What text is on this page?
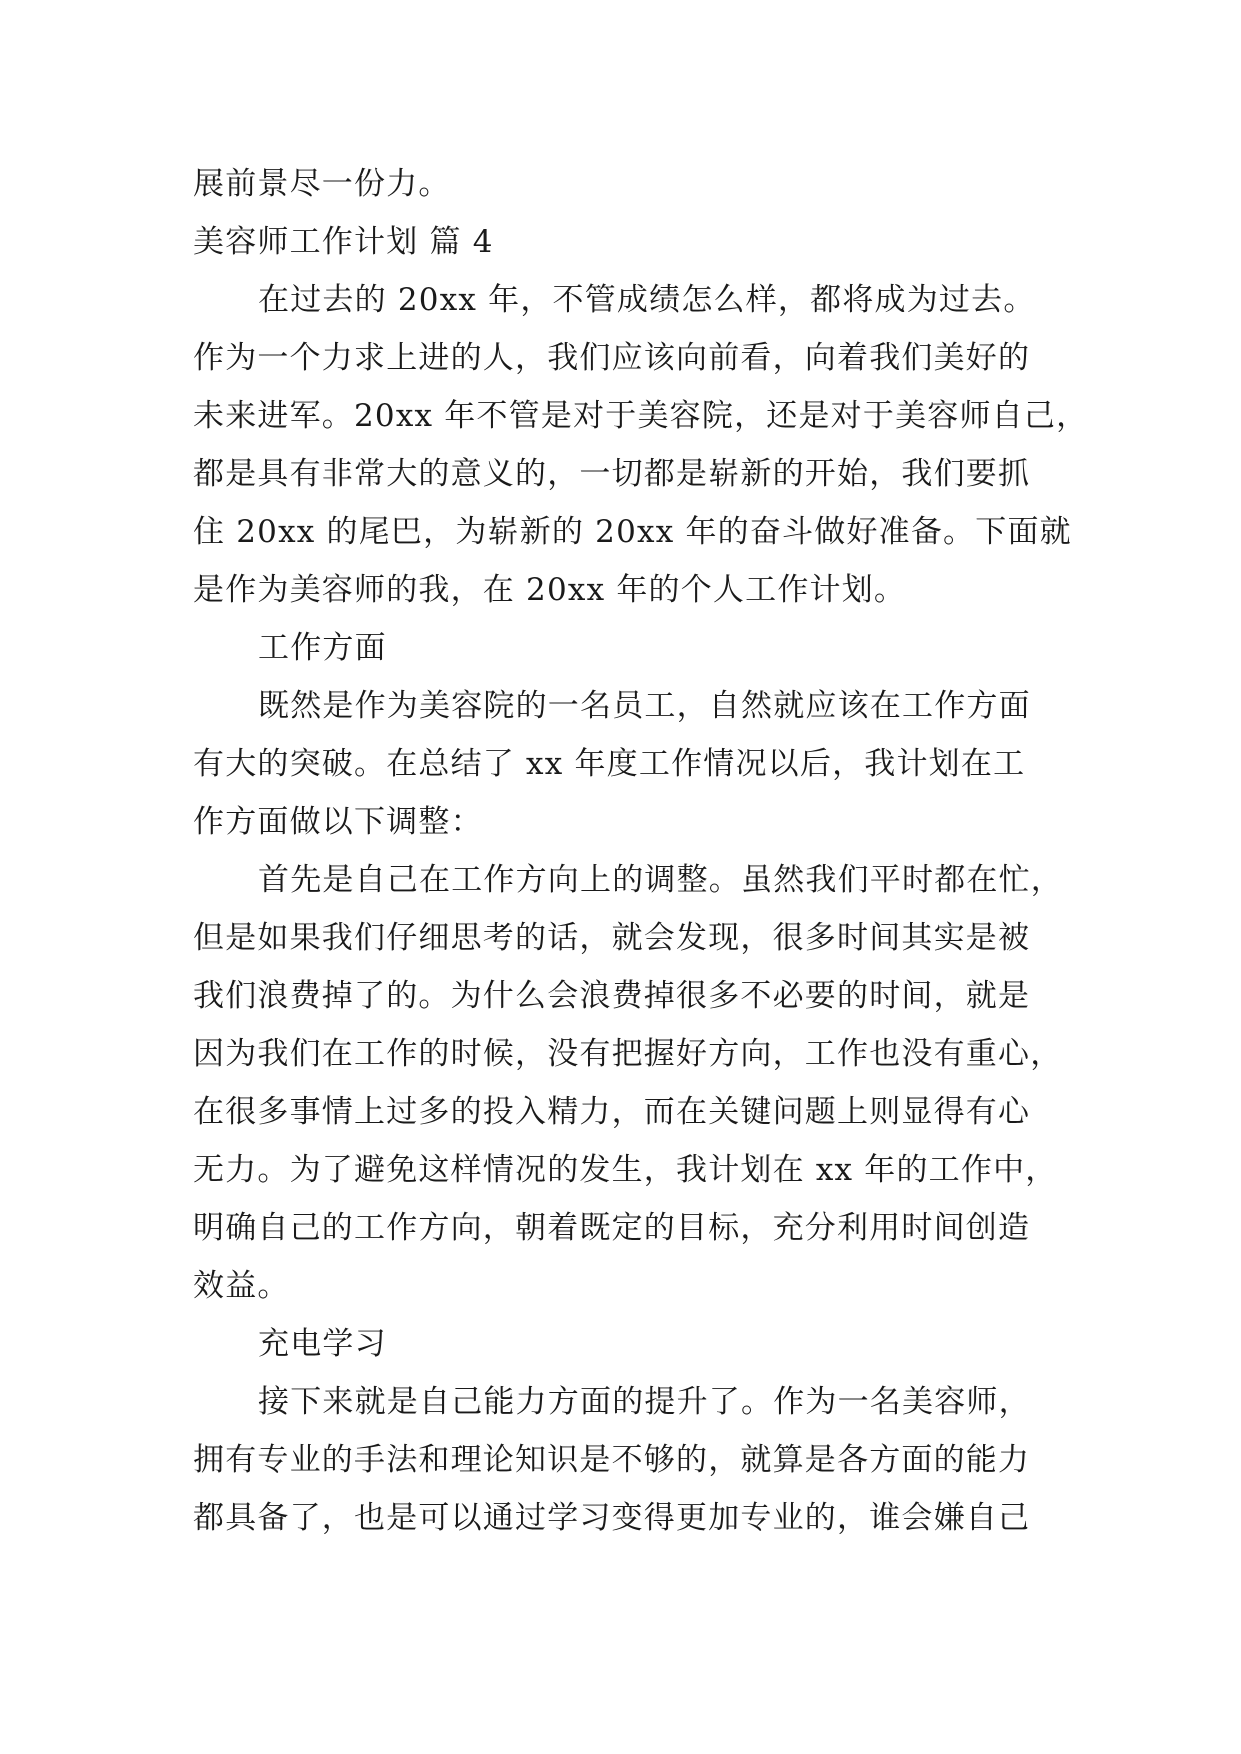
展前景尽一份力。
美容师工作计划 篇 4
在过去的 20xx 年，不管成绩怎么样，都将成为过去。
作为一个力求上进的人，我们应该向前看，向着我们美好的
未来进军。20xx 年不管是对于美容院，还是对于美容师自己，
都是具有非常大的意义的，一切都是崭新的开始，我们要抓
住 20xx 的尾巴，为崭新的 20xx 年的奋斗做好准备。下面就
是作为美容师的我，在 20xx 年的个人工作计划。
工作方面
既然是作为美容院的一名员工，自然就应该在工作方面
有大的突破。在总结了 xx 年度工作情况以后，我计划在工
作方面做以下调整：
首先是自己在工作方向上的调整。虽然我们平时都在忙，
但是如果我们仔细思考的话，就会发现，很多时间其实是被
我们浪费掉了的。为什么会浪费掉很多不必要的时间，就是
因为我们在工作的时候，没有把握好方向，工作也没有重心，
在很多事情上过多的投入精力，而在关键问题上则显得有心
无力。为了避免这样情况的发生，我计划在 xx 年的工作中，
明确自己的工作方向，朝着既定的目标，充分利用时间创造
效益。
充电学习
接下来就是自己能力方面的提升了。作为一名美容师，
拥有专业的手法和理论知识是不够的，就算是各方面的能力
都具备了，也是可以通过学习变得更加专业的，谁会嫌自己
